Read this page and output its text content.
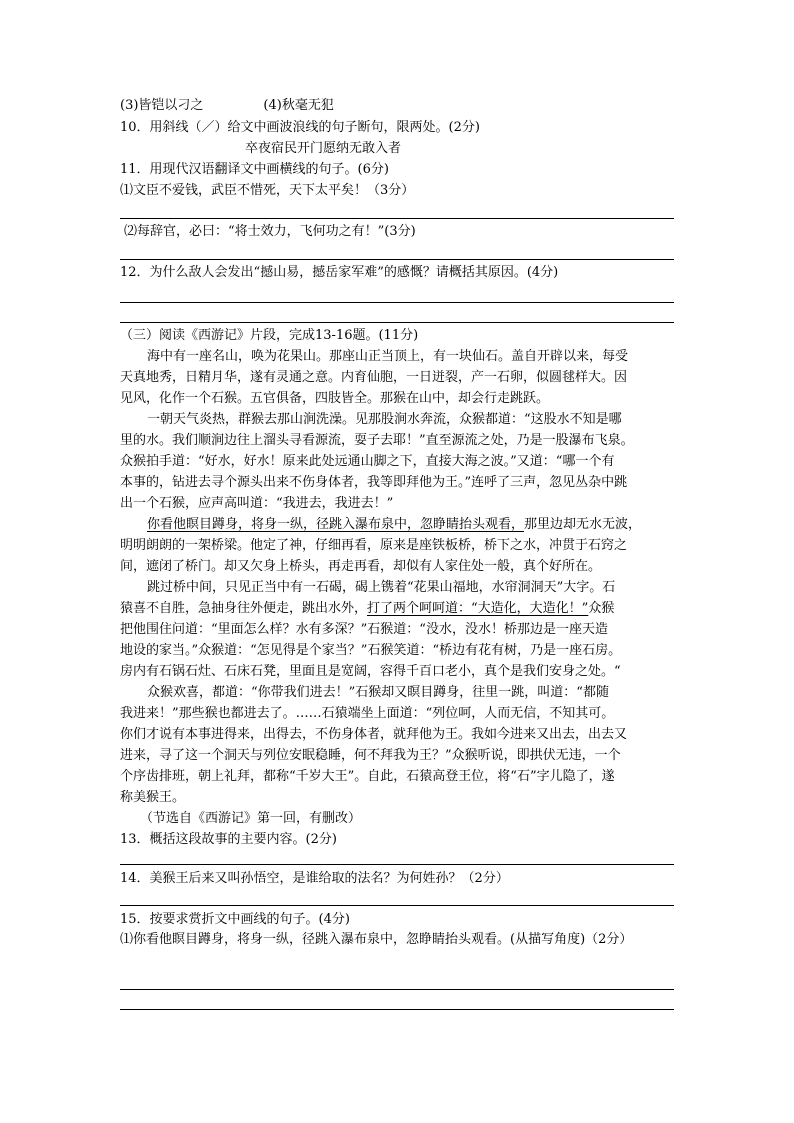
(3)皆铠以刁之	(4)秋毫无犯
10．用斜线（／）给文中画波浪线的句子断句，限两处。(2分)
卒夜宿民开门愿纳无敢入者
11．用现代汉语翻译文中画横线的句子。(6分)
⑴文臣不爱钱，武臣不惜死，天下太平矣！（3分）
⑵每辞官，必曰：“将士效力，飞何功之有！”(3分)
12．为什么敌人会发出“撼山易，撼岳家军难”的感慨？请概括其原因。(4分)
（三）阅读《西游记》片段，完成13-16题。(11分)
海中有一座名山，唤为花果山。那座山正当顶上，有一块仙石。盖自开辟以来，每受
天真地秀，日精月华，遂有灵通之意。内育仙胞，一日迸裂，产一石卵，似圆毬样大。因
见风，化作一个石猴。五官俱备，四肢皆全。那猴在山中，却会行走跳跃。
一朝天气炎热，群猴去那山涧洗澡。见那股涧水奔流，众猴都道：“这股水不知是哪
里的水。我们顺涧边往上溜头寻看源流，耍子去耶！”直至源流之处，乃是一股瀑布飞泉。
众猴拍手道：“好水，好水！原来此处远通山脚之下，直接大海之波。”又道：“哪一个有
本事的，钻进去寻个源头出来不伤身体者，我等即拜他为王。”连呼了三声，忽见丛杂中跳
出一个石猴，应声高叫道：“我进去，我进去！”
你看他瞑目蹲身，将身一纵，径跳入瀑布泉中，忽睁睛抬头观看，那里边却无水无波，
明明朗朗的一架桥梁。他定了神，仔细再看，原来是座铁板桥，桥下之水，冲贯于石窍之
间，遮闭了桥门。却又欠身上桥头，再走再看，却似有人家住处一般，真个好所在。
跳过桥中间，只见正当中有一石碣，碣上镌着“花果山福地，水帘洞洞天”大字。石
猿喜不自胜，急抽身往外便走，跳出水外，打了两个呵呵道：“大造化，大造化！”众猴
把他围住问道：“里面怎么样？水有多深？”石猴道：“没水，没水！桥那边是一座天造
地设的家当。”众猴道：“怎见得是个家当？”石猴笑道：“桥边有花有树，乃是一座石房。
房内有石锅石灶、石床石凳，里面且是宽阔，容得千百口老小，真个是我们安身之处。“
众猴欢喜，都道：“你带我们进去！”石猴却又瞑目蹲身，往里一跳，叫道：“都随
我进来！”那些猴也都进去了。……石猿端坐上面道：“列位呵，人而无信，不知其可。
你们才说有本事进得来，出得去，不伤身体者，就拜他为王。我如今进来又出去，出去又
进来，寻了这一个洞天与列位安眠稳睡，何不拜我为王？”众猴听说，即拱伏无违，一个
个序齿排班，朝上礼拜，都称“千岁大王”。自此，石猿高登王位，将“石”字儿隐了，遂
称美猴王。
（节选自《西游记》第一回，有删改）
13．概括这段故事的主要内容。(2分)
14．美猴王后来又叫孙悟空，是谁给取的法名？为何姓孙？（2分）
15．按要求赏折文中画线的句子。(4分)
⑴你看他瞑目蹲身，将身一纵，径跳入瀑布泉中，忽睁睛抬头观看。(从描写角度)（2分）
